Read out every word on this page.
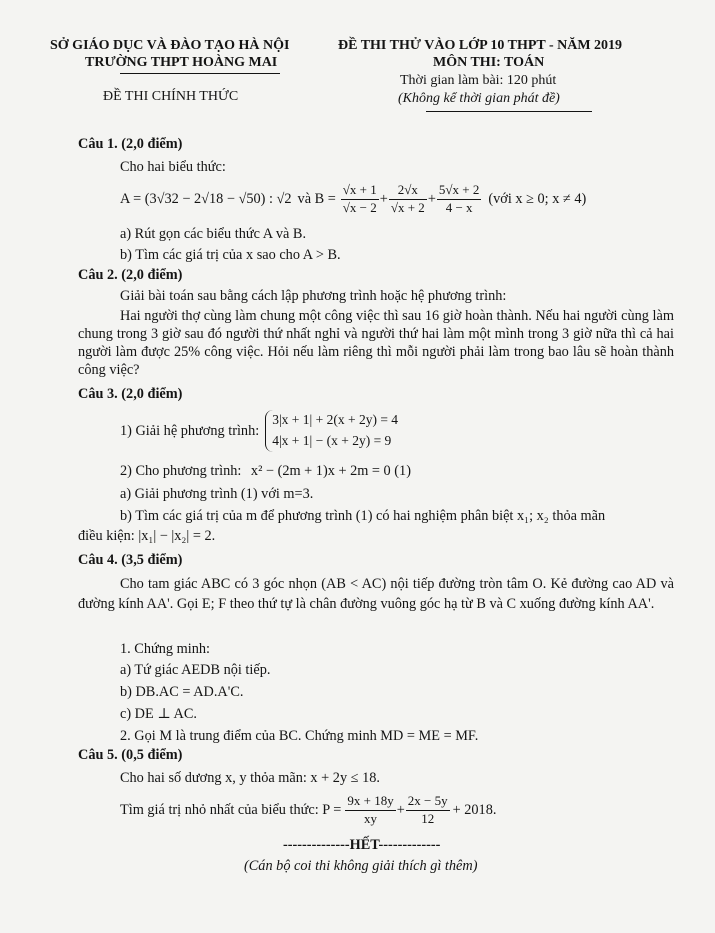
SỞ GIÁO DỤC VÀ ĐÀO TẠO HÀ NỘI
TRƯỜNG THPT HOÀNG MAI
ĐỀ THI CHÍNH THỨC
ĐỀ THI THỬ VÀO LỚP 10 THPT - NĂM 2019
MÔN THI: TOÁN
Thời gian làm bài: 120 phút
(Không kể thời gian phát đề)
Câu 1. (2,0 điểm)
Cho hai biểu thức:
A = (3√32 − 2√18 − √50) : √2 và $B = \frac{√x + 1}{√x - 2} + \frac{2√x}{√x + 2} + \frac{5√x + 2}{4 - x}$ (với x ≥ 0; x ≠ 4)
a) Rút gọn các biểu thức A và B.
b) Tìm các giá trị của x sao cho A > B.
Câu 2. (2,0 điểm)
Giải bài toán sau bằng cách lập phương trình hoặc hệ phương trình:
Hai người thợ cùng làm chung một công việc thì sau 16 giờ hoàn thành. Nếu hai người cùng làm chung trong 3 giờ sau đó người thứ nhất nghỉ và người thứ hai làm một mình trong 3 giờ nữa thì cả hai người làm được 25% công việc. Hỏi nếu làm riêng thì mỗi người phải làm trong bao lâu sẽ hoàn thành công việc?
Câu 3. (2,0 điểm)
1) Giải hệ phương trình:
3|x + 1| + 2(x + 2y) = 4
4|x + 1| − (x + 2y) = 9
2) Cho phương trình: x² − (2m + 1)x + 2m = 0 (1)
a) Giải phương trình (1) với m=3.
b) Tìm các giá trị của m để phương trình (1) có hai nghiệm phân biệt x₁; x₂ thỏa mãn
điều kiện: |x₁| − |x₂| = 2.
Câu 4. (3,5 điểm)
Cho tam giác ABC có 3 góc nhọn (AB < AC) nội tiếp đường tròn tâm O. Kẻ đường cao AD và đường kính AA'. Gọi E; F theo thứ tự là chân đường vuông góc hạ từ B và C xuống đường kính AA'.
1. Chứng minh:
a) Tứ giác AEDB nội tiếp.
b) DB.AC = AD.A'C.
c) DE ⊥ AC.
2. Gọi M là trung điểm của BC. Chứng minh MD = ME = MF.
Câu 5. (0,5 điểm)
Cho hai số dương x, y thỏa mãn: x + 2y ≤ 18.
Tìm giá trị nhỏ nhất của biểu thức: $P = \frac{9x + 18y}{xy} + \frac{2x - 5y}{12} + 2018$.
--------------HẾT-------------
(Cán bộ coi thi không giải thích gì thêm)
